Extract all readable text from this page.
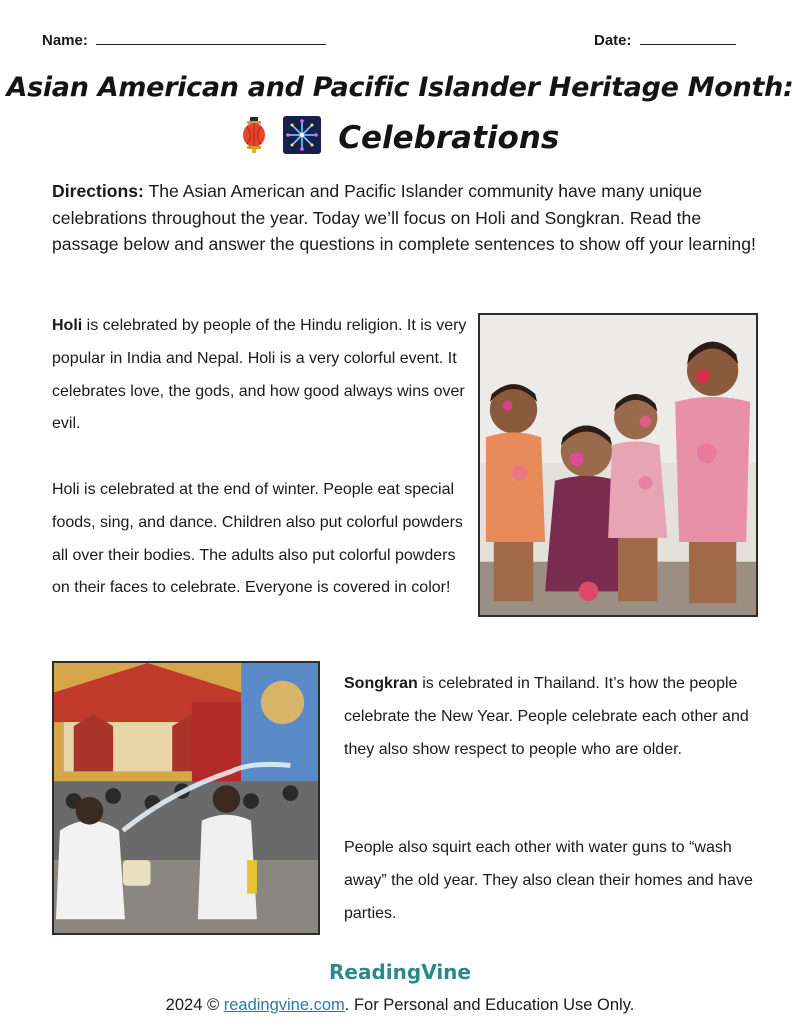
Name:	Date:
Asian American and Pacific Islander Heritage Month:
Celebrations
Directions: The Asian American and Pacific Islander community have many unique celebrations throughout the year. Today we’ll focus on Holi and Songkran. Read the passage below and answer the questions in complete sentences to show off your learning!
Holi is celebrated by people of the Hindu religion. It is very popular in India and Nepal. Holi is a very colorful event. It celebrates love, the gods, and how good always wins over evil.
Holi is celebrated at the end of winter. People eat special foods, sing, and dance. Children also put colorful powders all over their bodies. The adults also put colorful powders on their faces to celebrate. Everyone is covered in color!
Songkran is celebrated in Thailand. It’s how the people celebrate the New Year. People celebrate each other and they also show respect to people who are older.
People also squirt each other with water guns to “wash away” the old year. They also clean their homes and have parties.
ReadingVine
2024 © readingvine.com. For Personal and Education Use Only.
